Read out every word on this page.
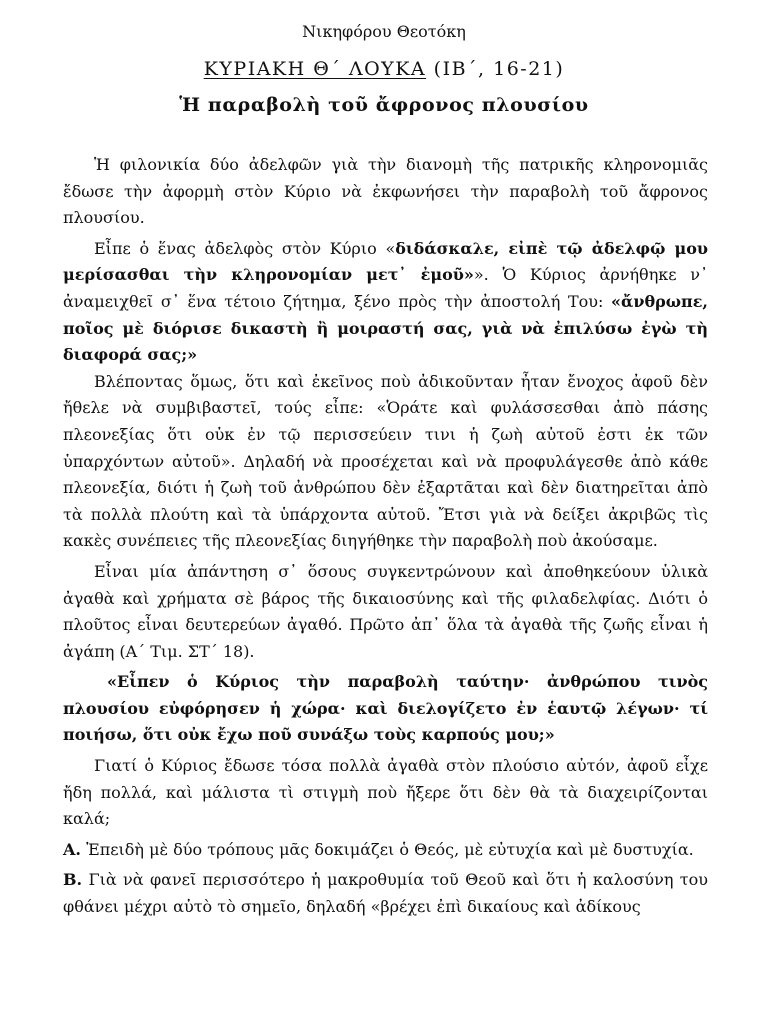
Νικηφόρου Θεοτόκη
ΚΥΡΙΑΚΗ Θ΄ ΛΟΥΚΑ (ΙΒ΄, 16-21)
Ἡ παραβολὴ τοῦ ἄφρονος πλουσίου

Ἡ φιλονικία δύο ἀδελφῶν γιὰ τὴν διανομὴ τῆς πατρικῆς κληρονομιᾶς ἔδωσε τὴν ἀφορμὴ στὸν Κύριο νὰ ἐκφωνήσει τὴν παραβολὴ τοῦ ἄφρονος πλουσίου.

Εἶπε ὁ ἕνας ἀδελφὸς στὸν Κύριο «διδάσκαλε, εἰπὲ τῷ ἀδελφῷ μου μερίσασθαι τὴν κληρονομίαν μετ᾽ ἐμοῦ»». Ὁ Κύριος ἀρνήθηκε ν᾽ ἀναμειχθεῖ σ᾽ ἕνα τέτοιο ζήτημα, ξένο πρὸς τὴν ἀποστολή Του: «ἄνθρωπε, ποῖος μὲ διόρισε δικαστὴ ἢ μοιραστή σας, γιὰ νὰ ἐπιλύσω ἐγὼ τὴ διαφορά σας;»

Βλέποντας ὅμως, ὅτι καὶ ἐκεῖνος ποὺ ἀδικοῦνταν ἦταν ἔνοχος ἀφοῦ δὲν ἤθελε νὰ συμβιβαστεῖ, τούς εἶπε: «Ὁράτε καὶ φυλάσσεσθαι ἀπὸ πάσης πλεονεξίας ὅτι οὐκ ἐν τῷ περισσεύειν τινι ἡ ζωὴ αὐτοῦ ἐστι ἐκ τῶν ὑπαρχόντων αὐτοῦ». Δηλαδή νὰ προσέχεται καὶ νὰ προφυλάγεσθε ἀπὸ κάθε πλεονεξία, διότι ἡ ζωὴ τοῦ ἀνθρώπου δὲν ἐξαρτᾶται καὶ δὲν διατηρεῖται ἀπὸ τὰ πολλὰ πλούτη καὶ τὰ ὑπάρχοντα αὐτοῦ. Ἔτσι γιὰ νὰ δείξει ἀκριβῶς τὶς κακὲς συνέπειες τῆς πλεονεξίας διηγήθηκε τὴν παραβολὴ ποὺ ἀκούσαμε.

Εἶναι μία ἀπάντηση σ᾽ ὅσους συγκεντρώνουν καὶ ἀποθηκεύουν ὑλικὰ ἀγαθὰ καὶ χρήματα σὲ βάρος τῆς δικαιοσύνης καὶ τῆς φιλαδελφίας. Διότι ὁ πλοῦτος εἶναι δευτερεύων ἀγαθό. Πρῶτο ἀπ᾽ ὅλα τὰ ἀγαθὰ τῆς ζωῆς εἶναι ἡ ἀγάπη (Α΄ Τιμ. ΣΤ΄ 18).

«Εἶπεν ὁ Κύριος τὴν παραβολὴ ταύτην· ἀνθρώπου τινὸς πλουσίου εὐφόρησεν ἡ χώρα· καὶ διελογίζετο ἐν ἑαυτῷ λέγων· τί ποιήσω, ὅτι οὐκ ἔχω ποῦ συνάξω τοὺς καρπούς μου;»

Γιατί ὁ Κύριος ἔδωσε τόσα πολλὰ ἀγαθὰ στὸν πλούσιο αὐτόν, ἀφοῦ εἶχε ἤδη πολλά, καὶ μάλιστα τὶ στιγμὴ ποὺ ἤξερε ὅτι δὲν θὰ τὰ διαχειρίζονται καλά;

Α. Ἐπειδὴ μὲ δύο τρόπους μᾶς δοκιμάζει ὁ Θεός, μὲ εὐτυχία καὶ μὲ δυστυχία.

Β. Γιὰ νὰ φανεῖ περισσότερο ἡ μακροθυμία τοῦ Θεοῦ καὶ ὅτι ἡ καλοσύνη του φθάνει μέχρι αὐτὸ τὸ σημεῖο, δηλαδή «βρέχει ἐπὶ δικαίους καὶ ἀδίκους
